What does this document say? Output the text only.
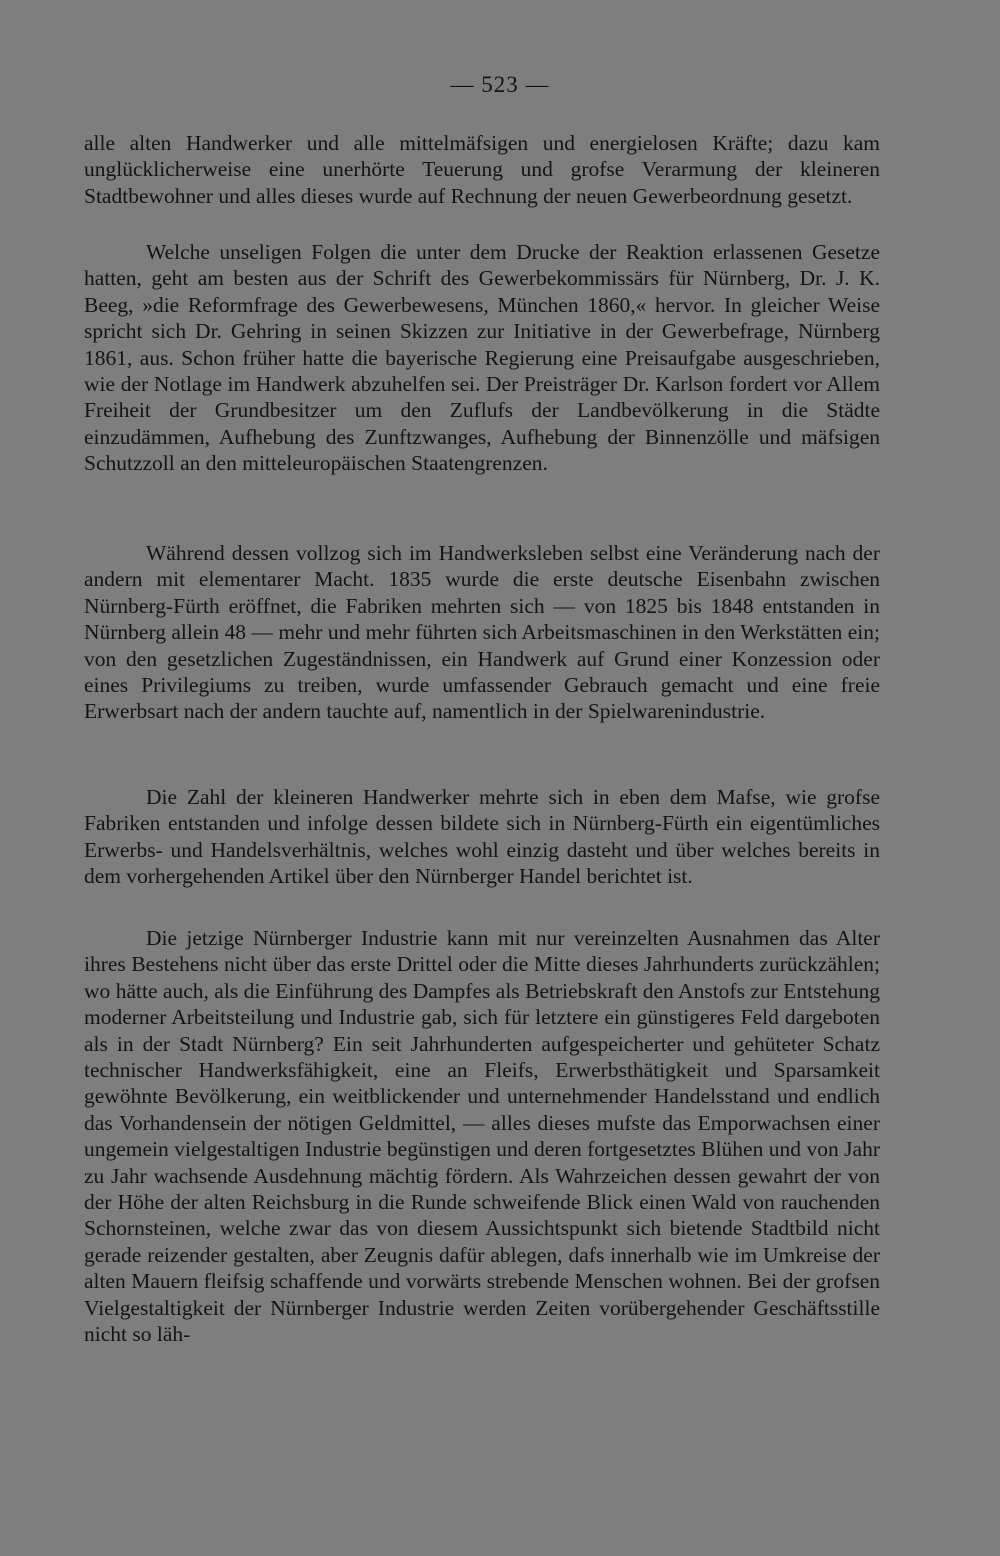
— 523 —

alle alten Handwerker und alle mittelmäfsigen und energielosen Kräfte; dazu kam unglücklicherweise eine unerhörte Teuerung und grofse Verarmung der kleineren Stadtbewohner und alles dieses wurde auf Rechnung der neuen Gewerbeordnung gesetzt.

Welche unseligen Folgen die unter dem Drucke der Reaktion erlassenen Gesetze hatten, geht am besten aus der Schrift des Gewerbekommissärs für Nürnberg, Dr. J. K. Beeg, »die Reformfrage des Gewerbewesens, München 1860,« hervor. In gleicher Weise spricht sich Dr. Gehring in seinen Skizzen zur Initiative in der Gewerbefrage, Nürnberg 1861, aus. Schon früher hatte die bayerische Regierung eine Preisaufgabe ausgeschrieben, wie der Notlage im Handwerk abzuhelfen sei. Der Preisträger Dr. Karlson fordert vor Allem Freiheit der Grundbesitzer um den Zuflufs der Landbevölkerung in die Städte einzudämmen, Aufhebung des Zunftzwanges, Aufhebung der Binnenzölle und mäfsigen Schutzzoll an den mitteleuropäischen Staatengrenzen.

Während dessen vollzog sich im Handwerksleben selbst eine Veränderung nach der andern mit elementarer Macht. 1835 wurde die erste deutsche Eisenbahn zwischen Nürnberg-Fürth eröffnet, die Fabriken mehrten sich — von 1825 bis 1848 entstanden in Nürnberg allein 48 — mehr und mehr führten sich Arbeitsmaschinen in den Werkstätten ein; von den gesetzlichen Zugeständnissen, ein Handwerk auf Grund einer Konzession oder eines Privilegiums zu treiben, wurde umfassender Gebrauch gemacht und eine freie Erwerbsart nach der andern tauchte auf, namentlich in der Spielwarenindustrie.

Die Zahl der kleineren Handwerker mehrte sich in eben dem Mafse, wie grofse Fabriken entstanden und infolge dessen bildete sich in Nürnberg-Fürth ein eigentümliches Erwerbs- und Handelsverhältnis, welches wohl einzig dasteht und über welches bereits in dem vorhergehenden Artikel über den Nürnberger Handel berichtet ist.

Die jetzige Nürnberger Industrie kann mit nur vereinzelten Ausnahmen das Alter ihres Bestehens nicht über das erste Drittel oder die Mitte dieses Jahrhunderts zurückzählen; wo hätte auch, als die Einführung des Dampfes als Betriebskraft den Anstofs zur Entstehung moderner Arbeitsteilung und Industrie gab, sich für letztere ein günstigeres Feld dargeboten als in der Stadt Nürnberg? Ein seit Jahrhunderten aufgespeicherter und gehüteter Schatz technischer Handwerksfähigkeit, eine an Fleifs, Erwerbsthätigkeit und Sparsamkeit gewöhnte Bevölkerung, ein weitblickender und unternehmender Handelsstand und endlich das Vorhandensein der nötigen Geldmittel, — alles dieses mufste das Emporwachsen einer ungemein vielgestaltigen Industrie begünstigen und deren fortgesetztes Blühen und von Jahr zu Jahr wachsende Ausdehnung mächtig fördern. Als Wahrzeichen dessen gewahrt der von der Höhe der alten Reichsburg in die Runde schweifende Blick einen Wald von rauchenden Schornsteinen, welche zwar das von diesem Aussichtspunkt sich bietende Stadtbild nicht gerade reizender gestalten, aber Zeugnis dafür ablegen, dafs innerhalb wie im Umkreise der alten Mauern fleifsig schaffende und vorwärts strebende Menschen wohnen. Bei der grofsen Vielgestaltigkeit der Nürnberger Industrie werden Zeiten vorübergehender Geschäftsstille nicht so läh-
